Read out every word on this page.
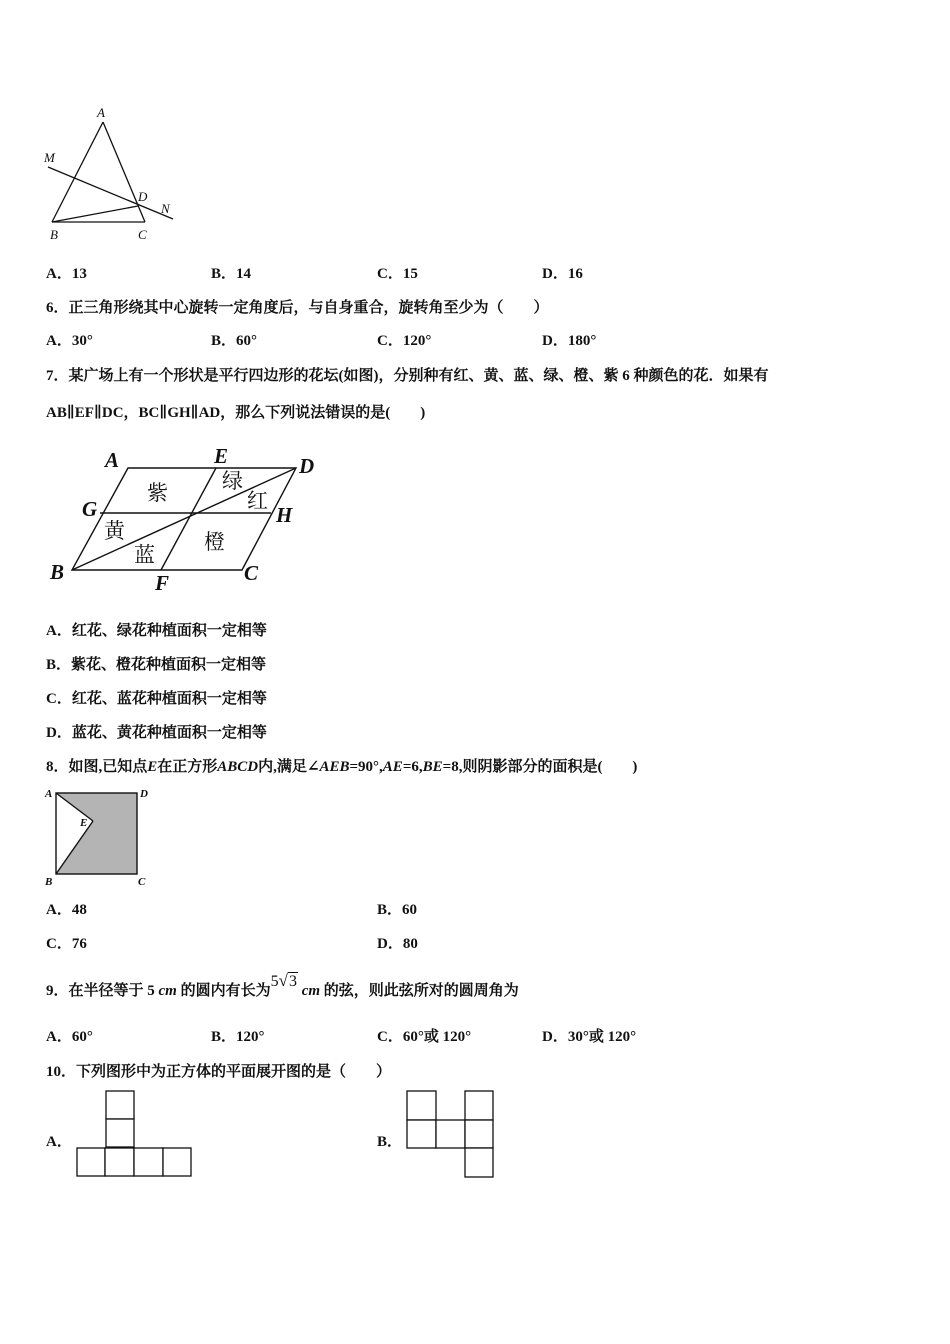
A
M
D
N
B	C
A．13	B．14	C．15	D．16
6．正三角形绕其中心旋转一定角度后，与自身重合，旋转角至少为（　　）
A．30°	B．60°	C．120°	D．180°
7．某广场上有一个形状是平行四边形的花坛(如图)，分别种有红、黄、蓝、绿、橙、紫 6 种颜色的花．如果有
AB∥EF∥DC，BC∥GH∥AD，那么下列说法错误的是(　　)
A	E	D
G	H
B	F	C
紫	绿
红
黄
蓝
橙
A．红花、绿花种植面积一定相等
B．紫花、橙花种植面积一定相等
C．红花、蓝花种植面积一定相等
D．蓝花、黄花种植面积一定相等
8．如图,已知点E在正方形ABCD内,满足∠AEB=90°,AE=6,BE=8,则阴影部分的面积是(　　)
A	D
E
B	C
A．48	B．60
C．76	D．80
9．在半径等于 5 cm 的圆内有长为5√3 cm 的弦，则此弦所对的圆周角为
A．60°	B．120°	C．60°或 120°	D．30°或 120°
10．下列图形中为正方体的平面展开图的是（　　）
A．	B．
